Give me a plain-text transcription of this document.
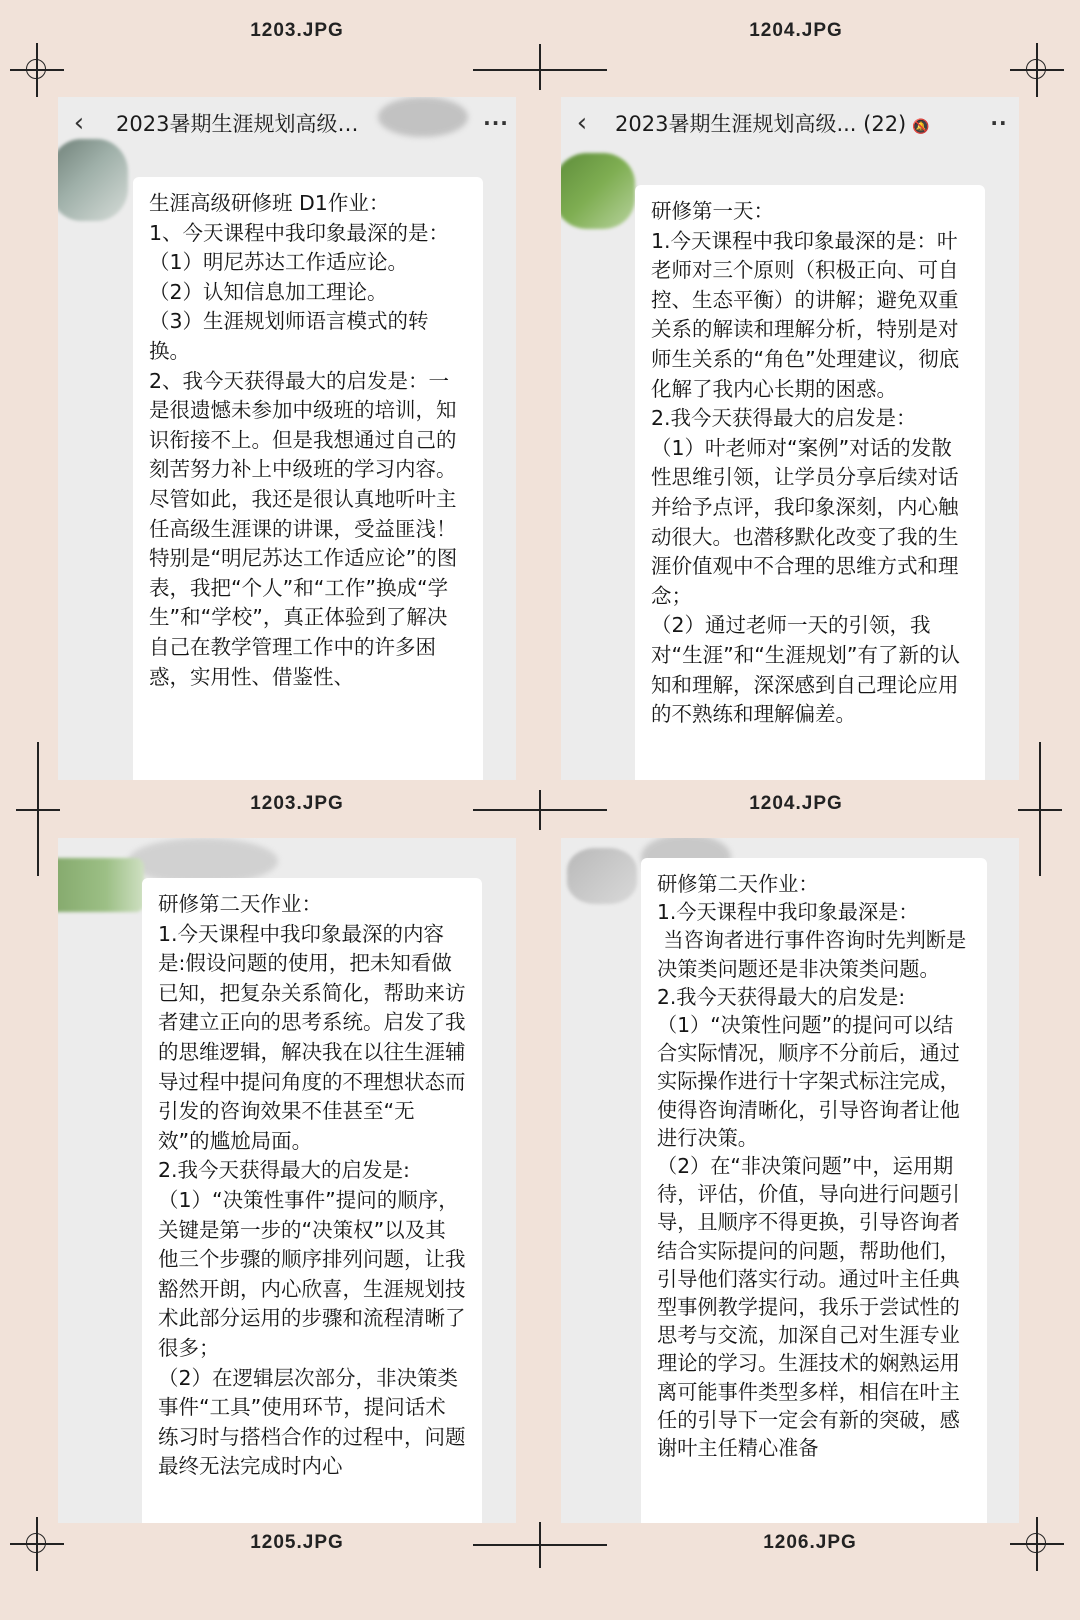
1203.JPG	1204.JPG
1203.JPG	1204.JPG
1205.JPG	1206.JPG
‹	2023暑期生涯规划高级…	···
生涯高级研修班 D1作业：
1、今天课程中我印象最深的是：
（1）明尼苏达工作适应论。
（2）认知信息加工理论。
（3）生涯规划师语言模式的转换。
2、我今天获得最大的启发是：一是很遗憾未参加中级班的培训，知识衔接不上。但是我想通过自己的刻苦努力补上中级班的学习内容。尽管如此，我还是很认真地听叶主任高级生涯课的讲课，受益匪浅！特别是“明尼苏达工作适应论”的图表，我把“个人”和“工作”换成“学生”和“学校”，真正体验到了解决自己在教学管理工作中的许多困惑，实用性、借鉴性、
‹	2023暑期生涯规划高级... (22) 🔕	··
研修第一天：
1.今天课程中我印象最深的是：叶老师对三个原则（积极正向、可自控、生态平衡）的讲解；避免双重关系的解读和理解分析，特别是对师生关系的“角色”处理建议，彻底化解了我内心长期的困惑。
2.我今天获得最大的启发是：
（1）叶老师对“案例”对话的发散性思维引领，让学员分享后续对话并给予点评，我印象深刻，内心触动很大。也潜移默化改变了我的生涯价值观中不合理的思维方式和理念；
（2）通过老师一天的引领，我对“生涯”和“生涯规划”有了新的认知和理解，深深感到自己理论应用的不熟练和理解偏差。
研修第二天作业：
1.今天课程中我印象最深的内容是:假设问题的使用，把未知看做已知，把复杂关系简化，帮助来访者建立正向的思考系统。启发了我的思维逻辑，解决我在以往生涯辅导过程中提问角度的不理想状态而引发的咨询效果不佳甚至“无效”的尴尬局面。
2.我今天获得最大的启发是:（1）“决策性事件”提问的顺序，关键是第一步的“决策权”以及其他三个步骤的顺序排列问题，让我豁然开朗，内心欣喜，生涯规划技术此部分运用的步骤和流程清晰了很多；
（2）在逻辑层次部分，非决策类事件“工具”使用环节，提问话术练习时与搭档合作的过程中，问题最终无法完成时内心
研修第二天作业：
1.今天课程中我印象最深是：
当咨询者进行事件咨询时先判断是决策类问题还是非决策类问题。
2.我今天获得最大的启发是:（1）“决策性问题”的提问可以结合实际情况，顺序不分前后，通过实际操作进行十字架式标注完成，使得咨询清晰化，引导咨询者让他进行决策。
（2）在“非决策问题”中，运用期待，评估，价值，导向进行问题引导，且顺序不得更换，引导咨询者结合实际提问的问题，帮助他们，引导他们落实行动。通过叶主任典型事例教学提问，我乐于尝试性的思考与交流，加深自己对生涯专业理论的学习。生涯技术的娴熟运用离可能事件类型多样，相信在叶主任的引导下一定会有新的突破，感谢叶主任精心准备
